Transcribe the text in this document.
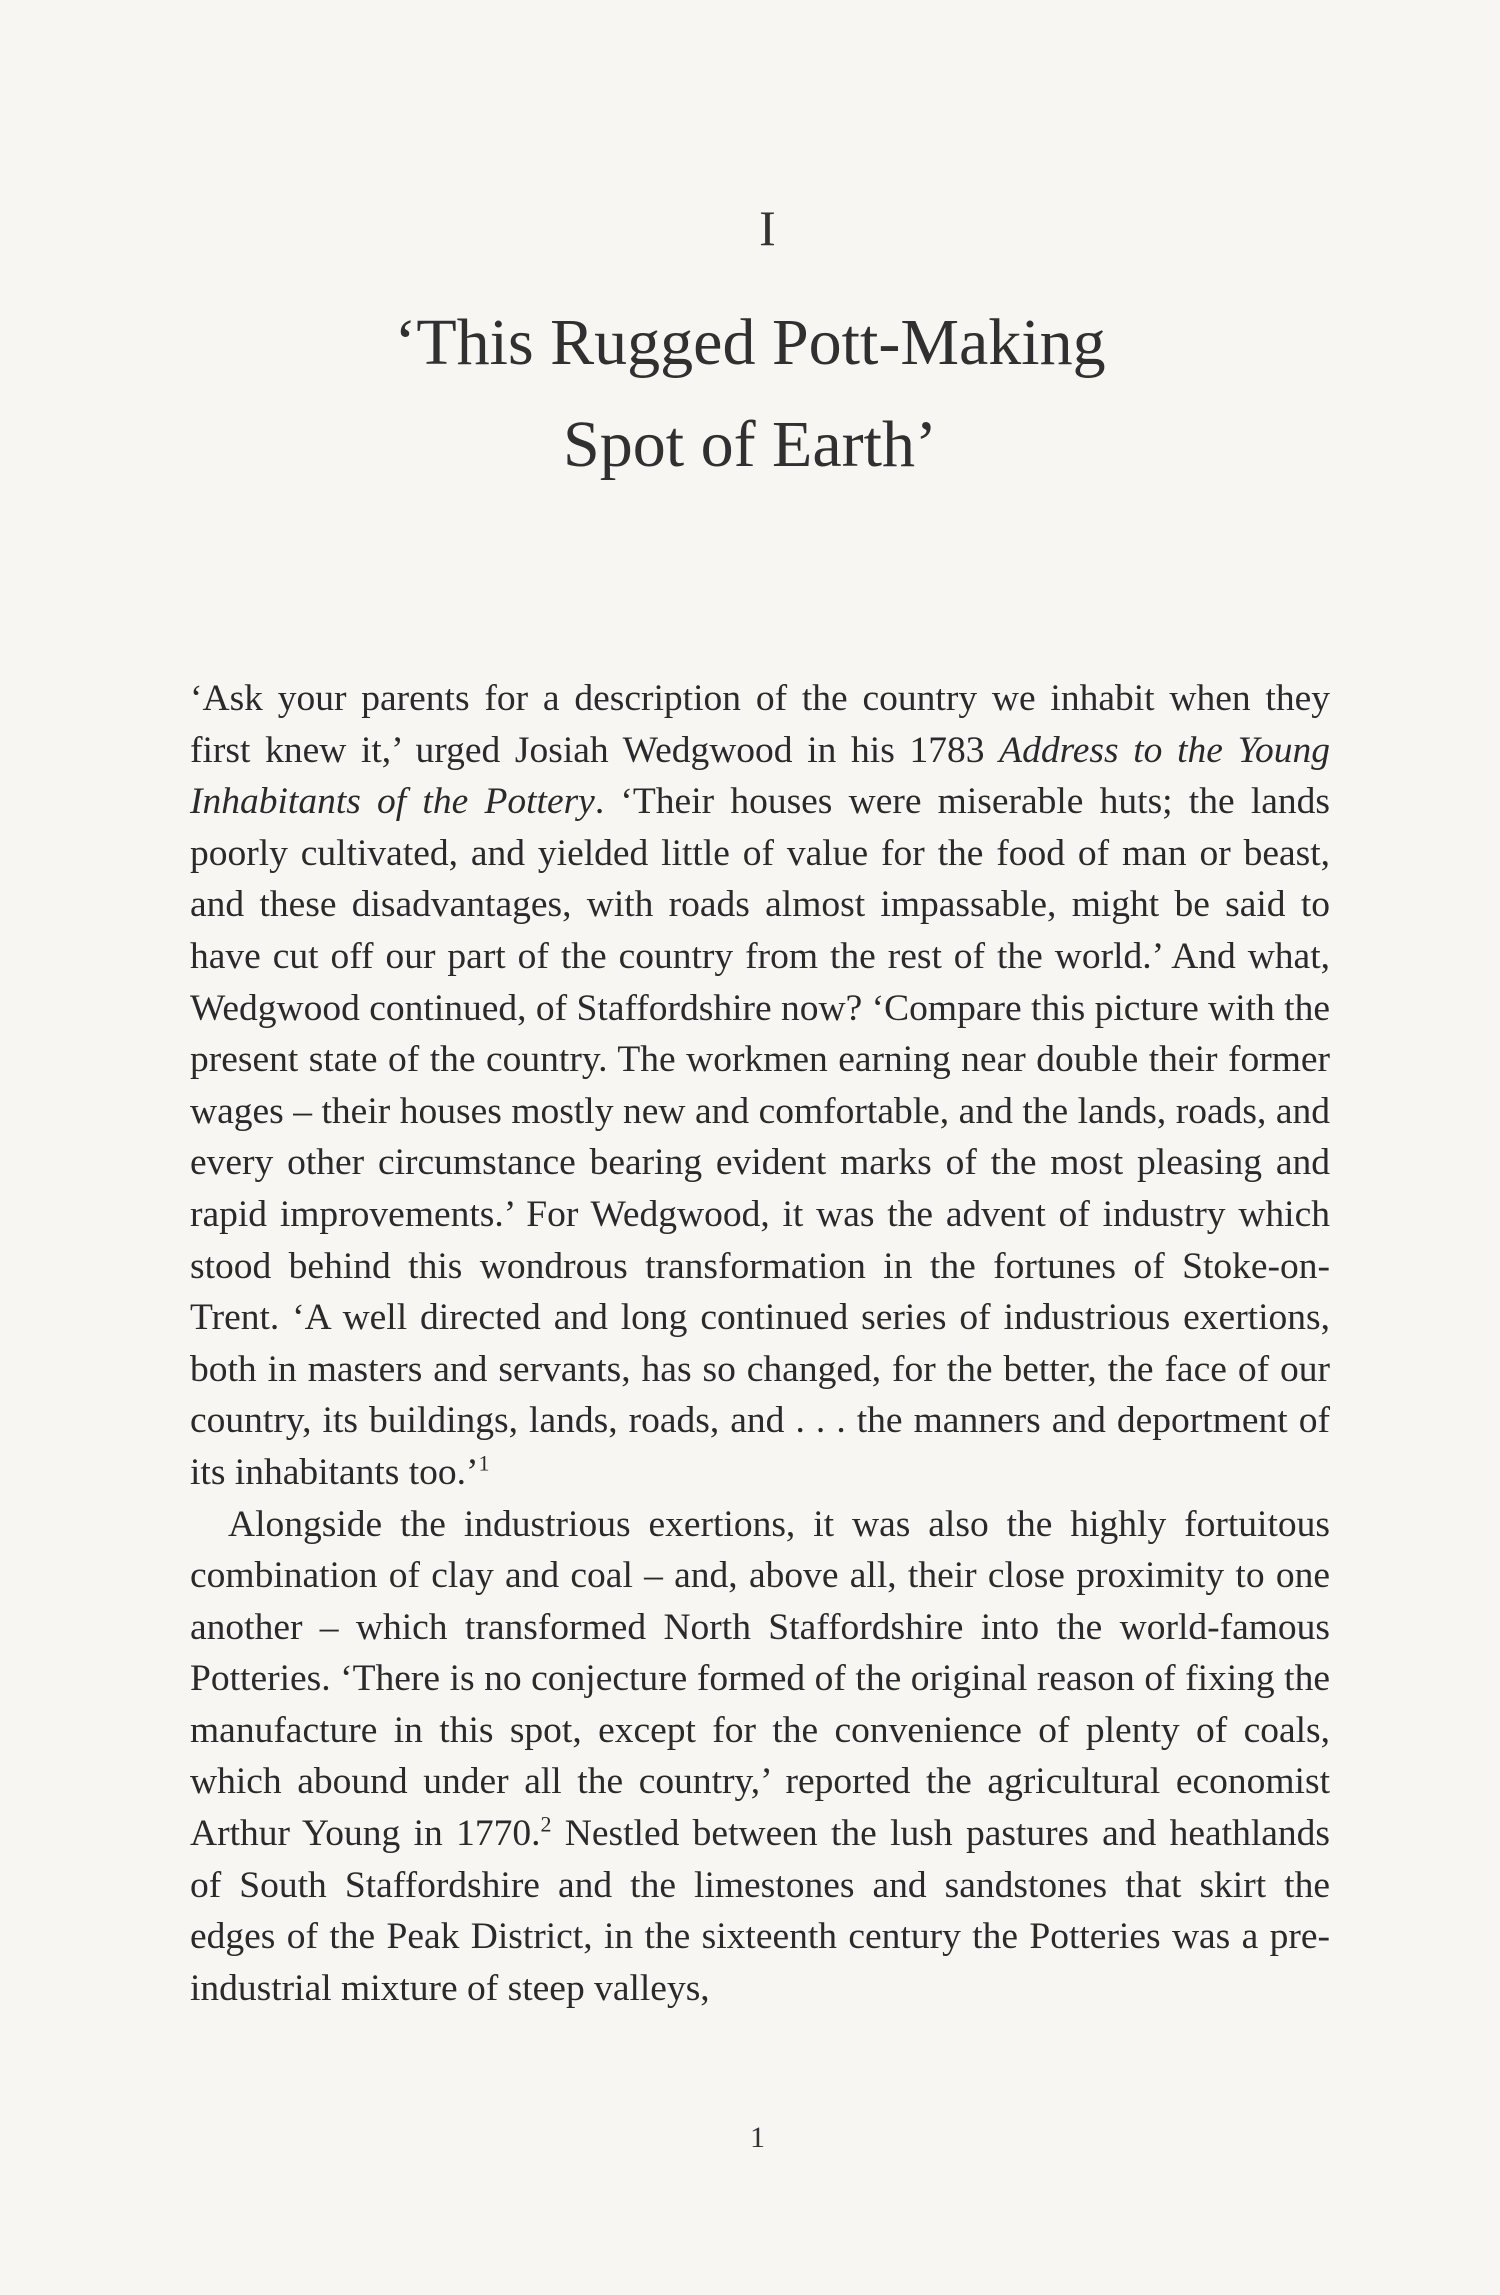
I
‘This Rugged Pott-Making
Spot of Earth’

‘Ask your parents for a description of the country we inhabit when they first knew it,’ urged Josiah Wedgwood in his 1783 Address to the Young Inhabitants of the Pottery. ‘Their houses were miserable huts; the lands poorly cultivated, and yielded little of value for the food of man or beast, and these disadvantages, with roads almost impassable, might be said to have cut off our part of the country from the rest of the world.’ And what, Wedgwood continued, of Staffordshire now? ‘Compare this picture with the present state of the country. The workmen earning near double their former wages – their houses mostly new and comfortable, and the lands, roads, and every other circumstance bearing evident marks of the most pleasing and rapid improvements.’ For Wedgwood, it was the advent of industry which stood behind this wondrous transformation in the fortunes of Stoke-on-Trent. ‘A well directed and long continued series of industrious exertions, both in masters and servants, has so changed, for the better, the face of our country, its buildings, lands, roads, and . . . the manners and deportment of its inhabitants too.’$^1$

Alongside the industrious exertions, it was also the highly fortuitous combination of clay and coal – and, above all, their close proximity to one another – which transformed North Staffordshire into the world-famous Potteries. ‘There is no conjecture formed of the original reason of fixing the manufacture in this spot, except for the convenience of plenty of coals, which abound under all the country,’ reported the agricultural economist Arthur Young in 1770.$^2$ Nestled between the lush pastures and heathlands of South Staffordshire and the limestones and sandstones that skirt the edges of the Peak District, in the sixteenth century the Potteries was a pre-industrial mixture of steep valleys,

1
